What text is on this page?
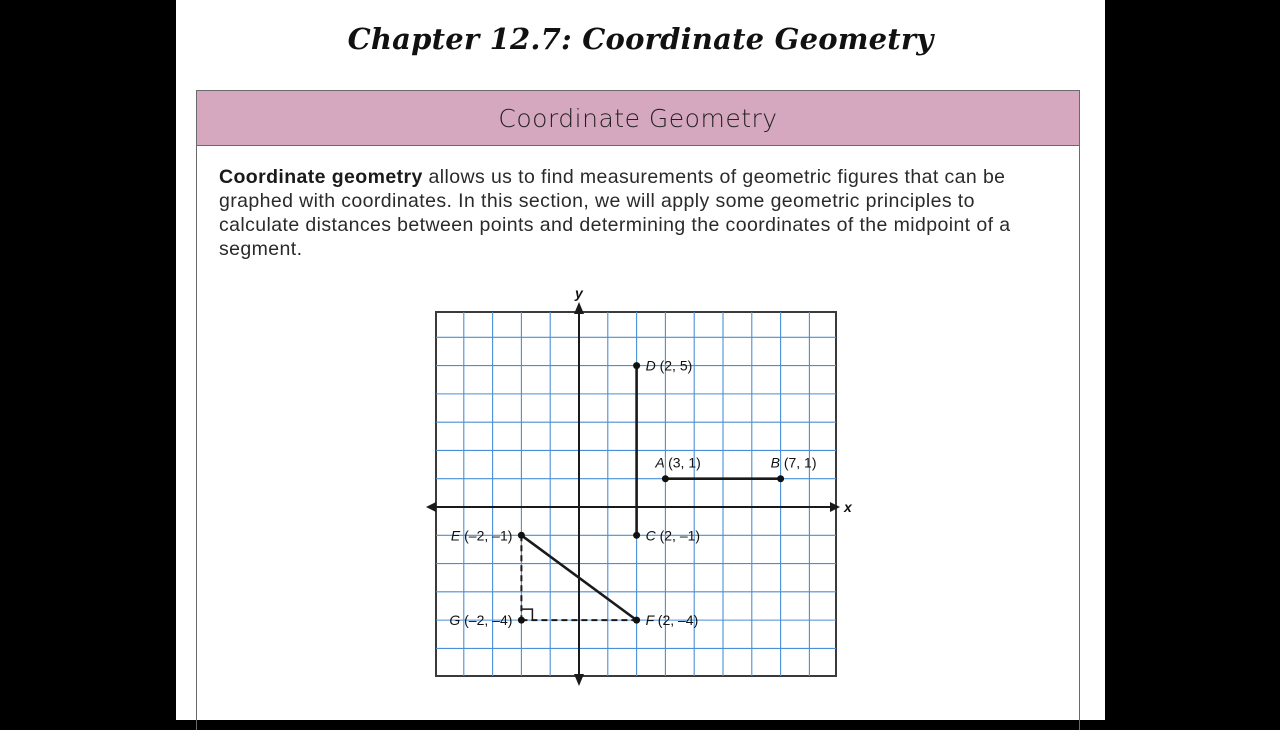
Chapter 12.7: Coordinate Geometry
Coordinate Geometry
Coordinate geometry allows us to find measurements of geometric figures that can be graphed with coordinates. In this section, we will apply some geometric principles to calculate distances between points and determining the coordinates of the midpoint of a segment.
x
y
D (2, 5)
A (3, 1)	B (7, 1)
C (2, –1)
E (–2, –1)
F (2, –4)
G (–2, –4)
